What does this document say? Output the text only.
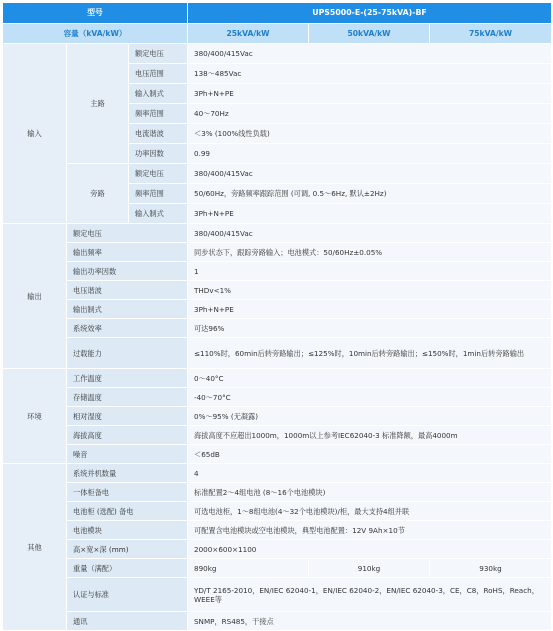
型号			UPS5000-E-(25-75kVA)-BF		
容量（kVA/kW）			25kVA/kW	50kVA/kW	75kVA/kW
输入	主路	额定电压	380/400/415Vac		
		电压范围	138～485Vac		
		输入制式	3Ph+N+PE		
		频率范围	40～70Hz		
		电流谐波	＜3% (100%线性负载)		
		功率因数	0.99		
	旁路	额定电压	380/400/415Vac		
		频率范围	50/60Hz，旁路频率跟踪范围 (可调, 0.5～6Hz, 默认±2Hz)		
		输入制式	3Ph+N+PE		
输出	额定电压		380/400/415Vac		
	输出频率		同步状态下，跟踪旁路输入；电池模式：50/60Hz±0.05%		
	输出功率因数		1		
	电压谐波		THDv<1%		
	输出制式		3Ph+N+PE		
	系统效率		可达96%		
	过载能力		≤110%时，60min后转旁路输出；≤125%时，10min后转旁路输出；≤150%时，1min后转旁路输出		
环境	工作温度		0～40°C		
	存储温度		-40～70°C		
	相对湿度		0%～95% (无凝露)		
	海拔高度		海拔高度不应超出1000m，1000m以上参考IEC62040-3 标准降额，最高4000m		
	噪音		＜65dB		
其他	系统并机数量		4		
	一体柜备电		标准配置2～4组电池 (8～16个电池模块)		
	电池柜 (选配) 备电		可选电池柜，1～8组电池(4～32个电池模块)/柜，最大支持4组并联		
	电池模块		可配置含电池模块或空电池模块，典型电池配置：12V 9Ah×10节		
	高×宽×深 (mm)		2000×600×1100		
	重量（满配）		890kg	910kg	930kg
	认证与标准		YD/T 2165-2010，EN/IEC 62040-1，EN/IEC 62040-2，EN/IEC 62040-3，CE，C8，RoHS，Reach，WEEE等		
	通讯		SNMP，RS485，干接点		
